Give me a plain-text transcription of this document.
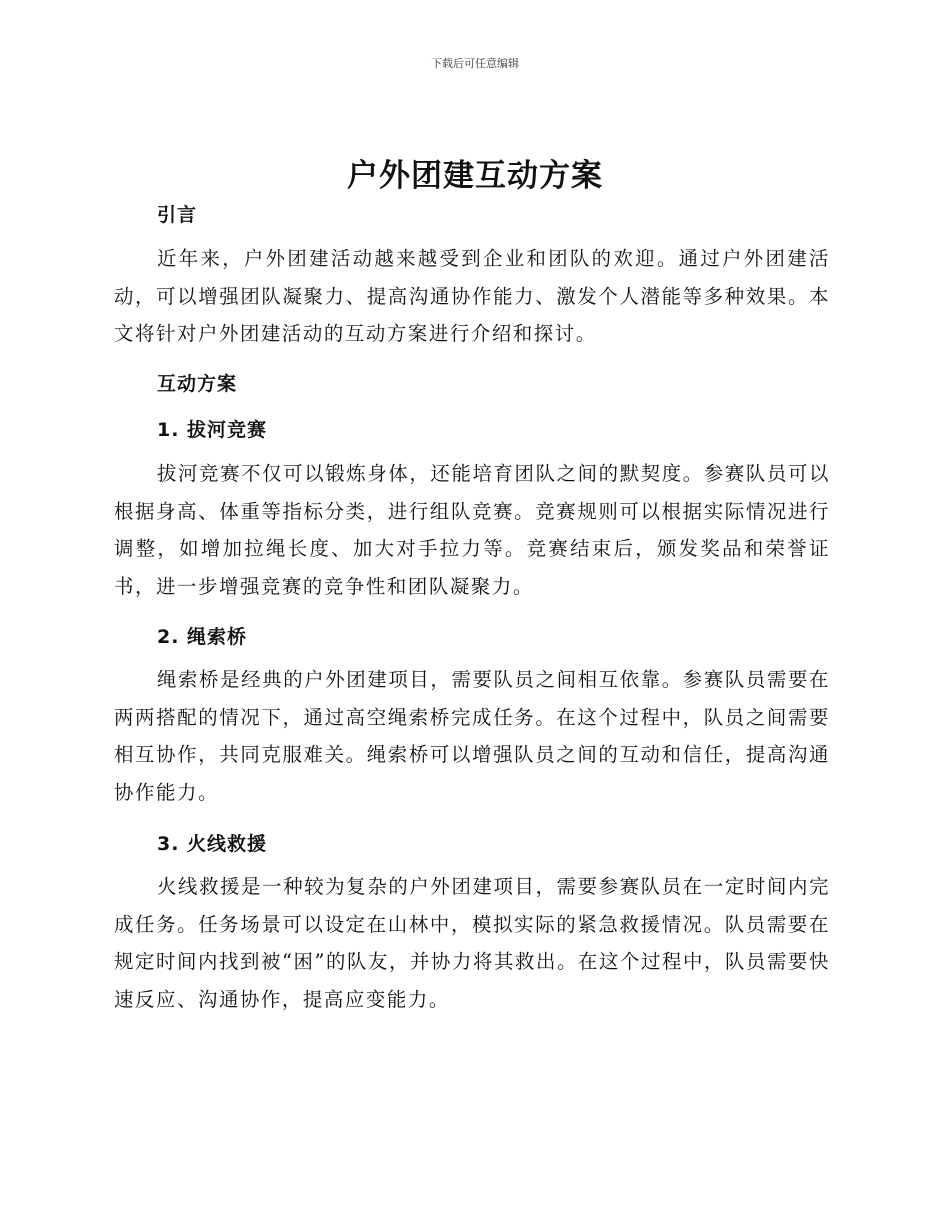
下载后可任意编辑
户外团建互动方案
引言
近年来，户外团建活动越来越受到企业和团队的欢迎。通过户外团建活动，可以增强团队凝聚力、提高沟通协作能力、激发个人潜能等多种效果。本文将针对户外团建活动的互动方案进行介绍和探讨。
互动方案
1. 拔河竞赛
拔河竞赛不仅可以锻炼身体，还能培育团队之间的默契度。参赛队员可以根据身高、体重等指标分类，进行组队竞赛。竞赛规则可以根据实际情况进行调整，如增加拉绳长度、加大对手拉力等。竞赛结束后，颁发奖品和荣誉证书，进一步增强竞赛的竞争性和团队凝聚力。
2. 绳索桥
绳索桥是经典的户外团建项目，需要队员之间相互依靠。参赛队员需要在两两搭配的情况下，通过高空绳索桥完成任务。在这个过程中，队员之间需要相互协作，共同克服难关。绳索桥可以增强队员之间的互动和信任，提高沟通协作能力。
3. 火线救援
火线救援是一种较为复杂的户外团建项目，需要参赛队员在一定时间内完成任务。任务场景可以设定在山林中，模拟实际的紧急救援情况。队员需要在规定时间内找到被“困”的队友，并协力将其救出。在这个过程中，队员需要快速反应、沟通协作，提高应变能力。
